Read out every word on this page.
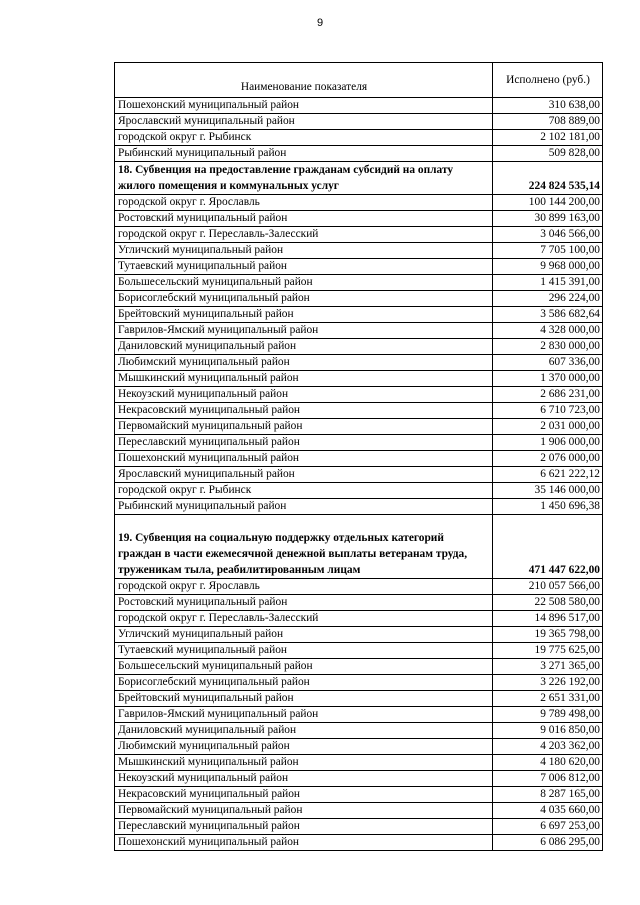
9
Наименование показателя	Исполнено (руб.)
Пошехонский муниципальный район	310 638,00
Ярославский муниципальный район	708 889,00
городской округ г. Рыбинск	2 102 181,00
Рыбинский муниципальный район	509 828,00
18. Субвенция на предоставление гражданам субсидий на оплату жилого помещения и коммунальных услуг	224 824 535,14
городской округ г. Ярославль	100 144 200,00
Ростовский муниципальный район	30 899 163,00
городской округ г. Переславль-Залесский	3 046 566,00
Угличский муниципальный район	7 705 100,00
Тутаевский муниципальный район	9 968 000,00
Большесельский муниципальный район	1 415 391,00
Борисоглебский муниципальный район	296 224,00
Брейтовский муниципальный район	3 586 682,64
Гаврилов-Ямский муниципальный район	4 328 000,00
Даниловский муниципальный район	2 830 000,00
Любимский муниципальный район	607 336,00
Мышкинский муниципальный район	1 370 000,00
Некоузский муниципальный район	2 686 231,00
Некрасовский муниципальный район	6 710 723,00
Первомайский муниципальный район	2 031 000,00
Переславский муниципальный район	1 906 000,00
Пошехонский муниципальный район	2 076 000,00
Ярославский муниципальный район	6 621 222,12
городской округ г. Рыбинск	35 146 000,00
Рыбинский муниципальный район	1 450 696,38
19. Субвенция на социальную поддержку отдельных категорий граждан в части ежемесячной денежной выплаты ветеранам труда, труженикам тыла, реабилитированным лицам	471 447 622,00
городской округ г. Ярославль	210 057 566,00
Ростовский муниципальный район	22 508 580,00
городской округ г. Переславль-Залесский	14 896 517,00
Угличский муниципальный район	19 365 798,00
Тутаевский муниципальный район	19 775 625,00
Большесельский муниципальный район	3 271 365,00
Борисоглебский муниципальный район	3 226 192,00
Брейтовский муниципальный район	2 651 331,00
Гаврилов-Ямский муниципальный район	9 789 498,00
Даниловский муниципальный район	9 016 850,00
Любимский муниципальный район	4 203 362,00
Мышкинский муниципальный район	4 180 620,00
Некоузский муниципальный район	7 006 812,00
Некрасовский муниципальный район	8 287 165,00
Первомайский муниципальный район	4 035 660,00
Переславский муниципальный район	6 697 253,00
Пошехонский муниципальный район	6 086 295,00
